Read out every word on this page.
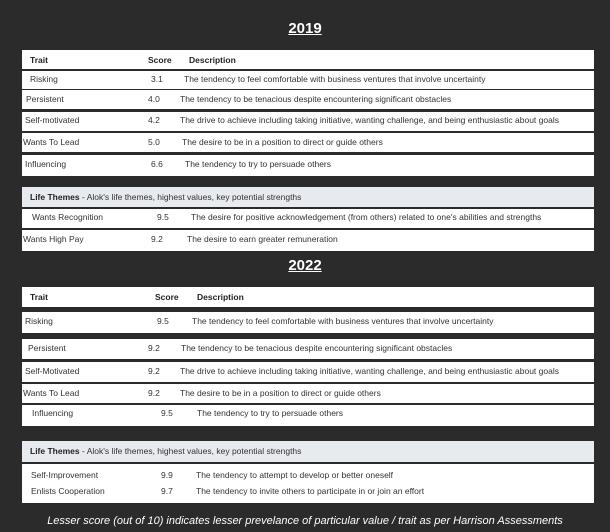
2019
Trait	Score Description
Risking	3.1 The tendency to feel comfortable with business ventures that involve uncertainty
Persistent	4.0 The tendency to be tenacious despite encountering significant obstacles
Self-motivated	4.2 The drive to achieve including taking initiative, wanting challenge, and being enthusiastic about goals
Wants To Lead	5.0	The desire to be in a position to direct or guide others
Influencing	6.6	The tendency to try to persuade others
Life Themes - Alok's life themes, highest values, key potential strengths
Wants Recognition	9.5	The desire for positive acknowledgement (from others) related to one's abilities and strengths
Wants High Pay	9.2	The desire to earn greater remuneration
2022
Trait	Score Description
Risking	9.5	The tendency to feel comfortable with business ventures that involve uncertainty
Persistent	9.2 The tendency to be tenacious despite encountering significant obstacles
Self-Motivated	9.2 The drive to achieve including taking initiative, wanting challenge, and being enthusiastic about goals
Wants To Lead	9.2 The desire to be in a position to direct or guide others
Influencing	9.5	The tendency to try to persuade others
Life Themes - Alok's life themes, highest values, key potential strengths
Self-Improvement	9.9	The tendency to attempt to develop or better oneself
Enlists Cooperation	9.7	The tendency to invite others to participate in or join an effort
Lesser score (out of 10) indicates lesser prevelance of particular value / trait as per Harrison Assessments
